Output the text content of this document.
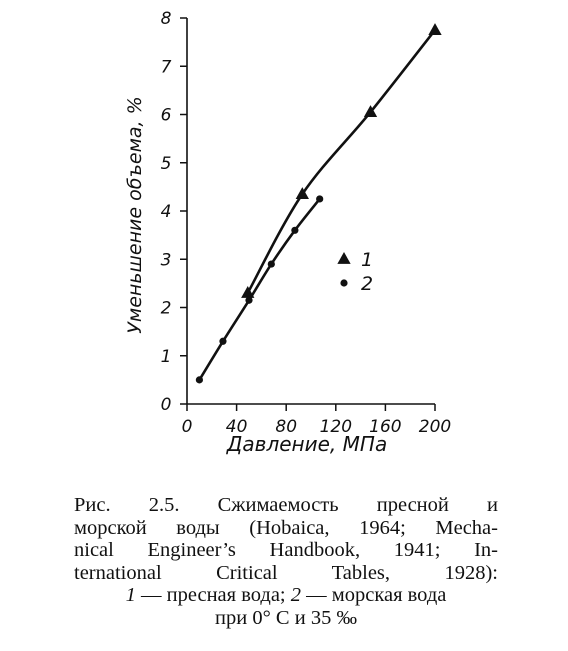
0 40 80 120 160 200
0
1
2
3
4
5
6
7
8
1
2
Давление, МПа
Уменьшение объема, %
Рис. 2.5. Сжимаемость пресной и
морской воды (Hobaica, 1964; Mecha-
nical Engineer’s Handbook, 1941; In-
ternational Critical Tables, 1928):
1 — пресная вода; 2 — морская вода
при 0° С и 35 ‰
